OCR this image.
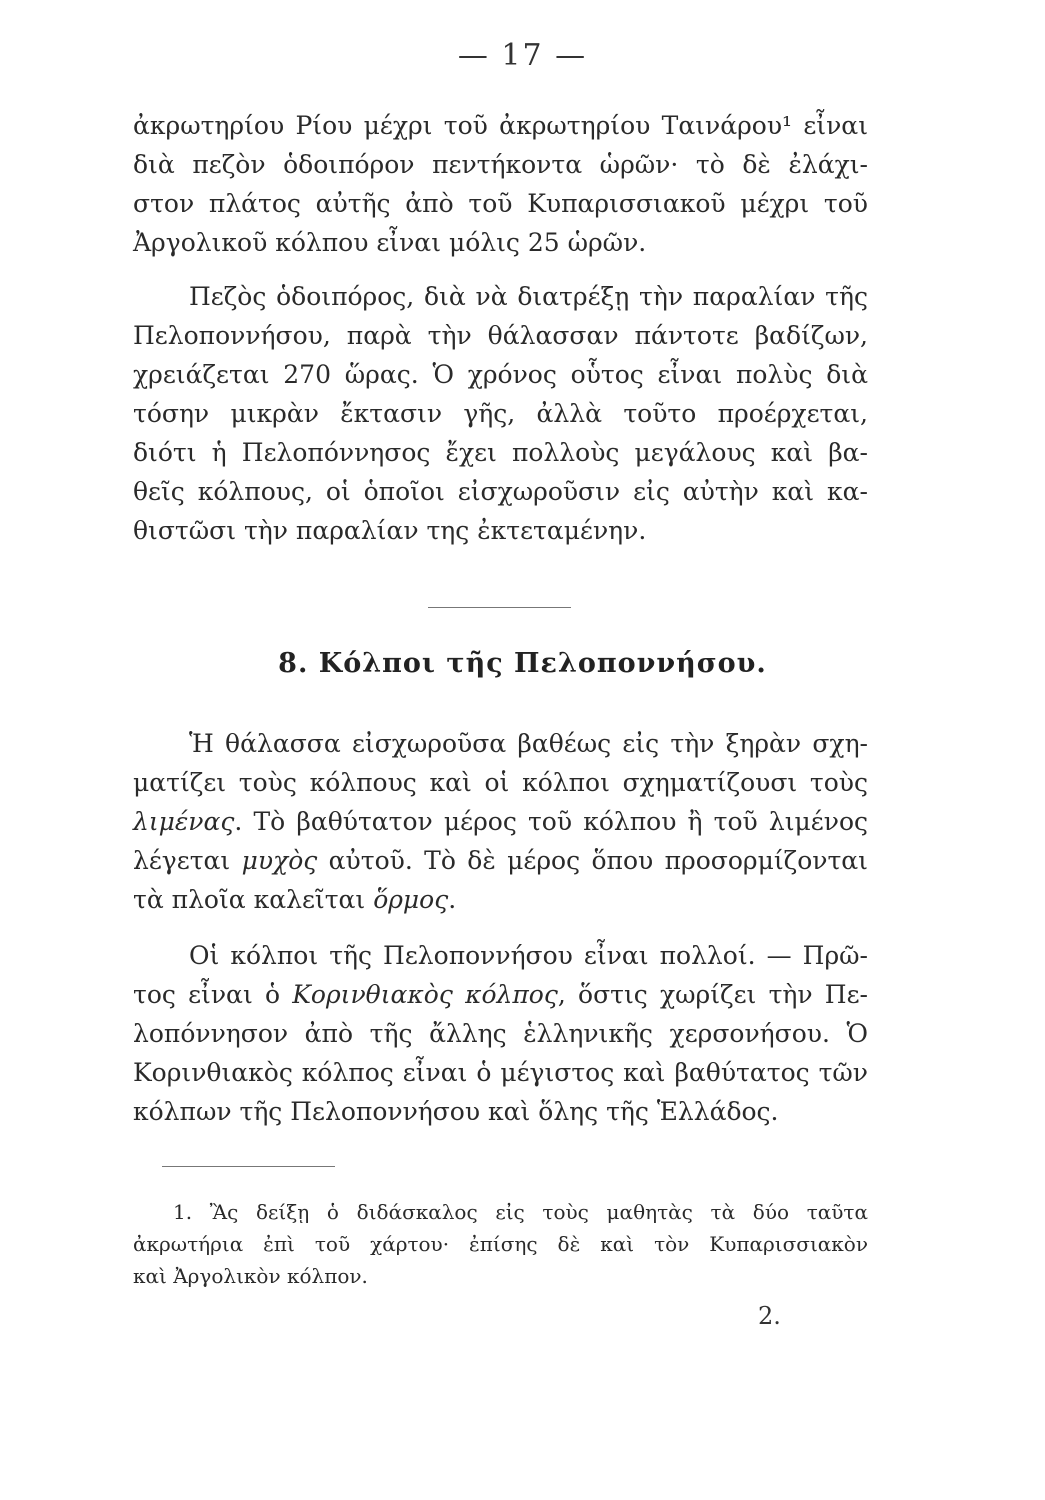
— 17 —
ἀκρωτηρίου Ρίου μέχρι τοῦ ἀκρωτηρίου Ταινάρου¹ εἶναι
διὰ πεζὸν ὁδοιπόρον πεντήκοντα ὡρῶν· τὸ δὲ ἐλάχι-
στον πλάτος αὐτῆς ἀπὸ τοῦ Κυπαρισσιακοῦ μέχρι τοῦ
Ἀργολικοῦ κόλπου εἶναι μόλις 25 ὡρῶν.
Πεζὸς ὁδοιπόρος, διὰ νὰ διατρέξῃ τὴν παραλίαν τῆς
Πελοποννήσου, παρὰ τὴν θάλασσαν πάντοτε βαδίζων,
χρειάζεται 270 ὥρας. Ὁ χρόνος οὗτος εἶναι πολὺς διὰ
τόσην μικρὰν ἔκτασιν γῆς, ἀλλὰ τοῦτο προέρχεται,
διότι ἡ Πελοπόννησος ἔχει πολλοὺς μεγάλους καὶ βα-
θεῖς κόλπους, οἱ ὁποῖοι εἰσχωροῦσιν εἰς αὐτὴν καὶ κα-
θιστῶσι τὴν παραλίαν της ἐκτεταμένην.
8. Κόλποι τῆς Πελοποννήσου.
Ἡ θάλασσα εἰσχωροῦσα βαθέως εἰς τὴν ξηρὰν σχη-
ματίζει τοὺς κόλπους καὶ οἱ κόλποι σχηματίζουσι τοὺς
λιμένας. Τὸ βαθύτατον μέρος τοῦ κόλπου ἢ τοῦ λιμένος
λέγεται μυχὸς αὐτοῦ. Τὸ δὲ μέρος ὅπου προσορμίζονται
τὰ πλοῖα καλεῖται ὅρμος.
Οἱ κόλποι τῆς Πελοποννήσου εἶναι πολλοί. — Πρῶ-
τος εἶναι ὁ Κορινθιακὸς κόλπος, ὅστις χωρίζει τὴν Πε-
λοπόννησον ἀπὸ τῆς ἄλλης ἑλληνικῆς χερσονήσου. Ὁ
Κορινθιακὸς κόλπος εἶναι ὁ μέγιστος καὶ βαθύτατος τῶν
κόλπων τῆς Πελοποννήσου καὶ ὅλης τῆς Ἑλλάδος.
1. Ἂς δείξῃ ὁ διδάσκαλος εἰς τοὺς μαθητὰς τὰ δύο ταῦτα
ἀκρωτήρια ἐπὶ τοῦ χάρτου· ἐπίσης δὲ καὶ τὸν Κυπαρισσιακὸν
καὶ Ἀργολικὸν κόλπον.
2.
